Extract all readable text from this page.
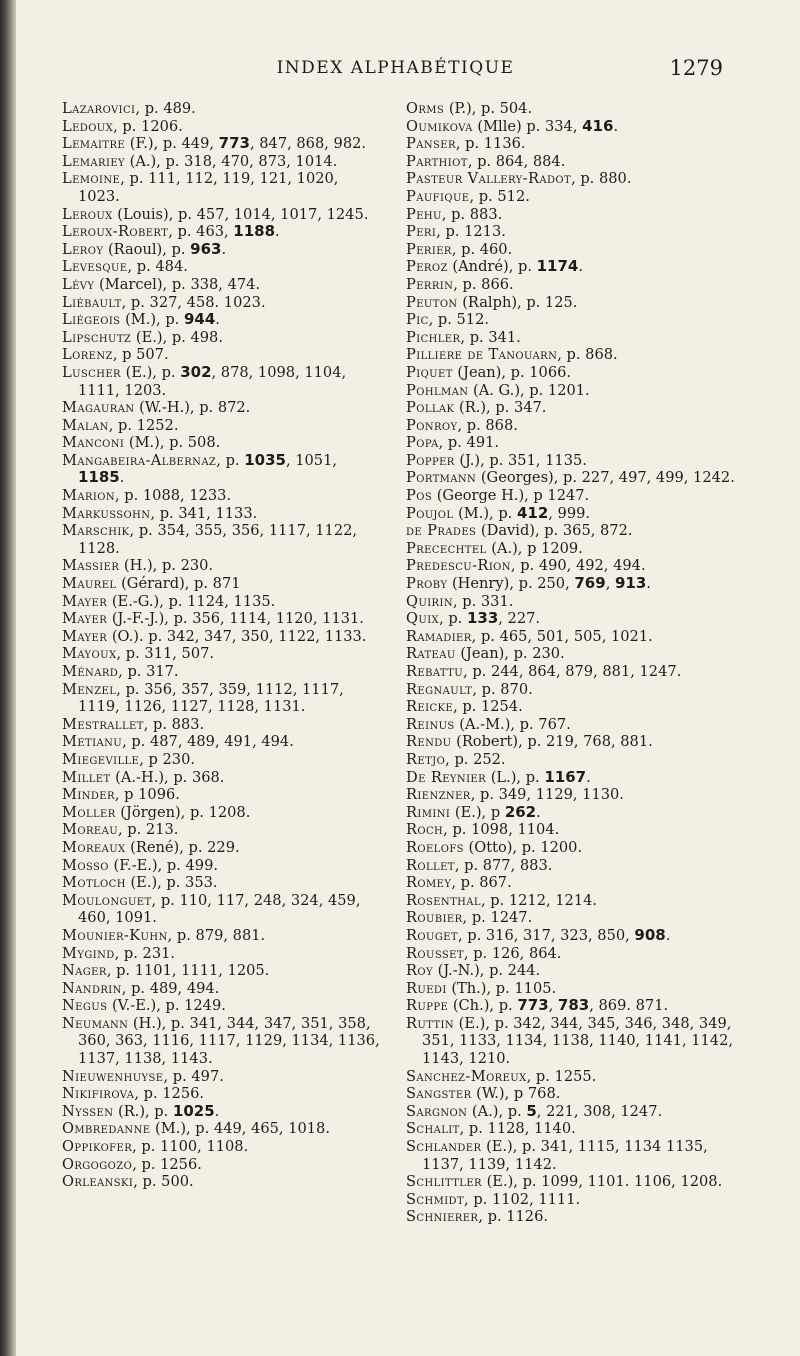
INDEX ALPHABÉTIQUE	1279
Lazarovici, p. 489.
Ledoux, p. 1206.
Lemaitre (F.), p. 449, 773, 847, 868, 982.
Lemariey (A.), p. 318, 470, 873, 1014.
Lemoine, p. 111, 112, 119, 121, 1020, 1023.
Leroux (Louis), p. 457, 1014, 1017, 1245.
Leroux-Robert, p. 463, 1188.
Leroy (Raoul), p. 963.
Levesque, p. 484.
Lévy (Marcel), p. 338, 474.
Liébault, p. 327, 458. 1023.
Liégeois (M.), p. 944.
Lipschutz (E.), p. 498.
Lorenz, p 507.
Luscher (E.), p. 302, 878, 1098, 1104, 1111, 1203.
Magauran (W.-H.), p. 872.
Malan, p. 1252.
Manconi (M.), p. 508.
Mangabeira-Albernaz, p. 1035, 1051, 1185.
Marion, p. 1088, 1233.
Markussohn, p. 341, 1133.
Marschik, p. 354, 355, 356, 1117, 1122, 1128.
Massier (H.), p. 230.
Maurel (Gérard), p. 871
Mayer (E.-G.), p. 1124, 1135.
Mayer (J.-F.-J.), p. 356, 1114, 1120, 1131.
Mayer (O.). p. 342, 347, 350, 1122, 1133.
Mayoux, p. 311, 507.
Ménard, p. 317.
Menzel, p. 356, 357, 359, 1112, 1117, 1119, 1126, 1127, 1128, 1131.
Mestrallet, p. 883.
Metianu, p. 487, 489, 491, 494.
Miegeville, p 230.
Millet (A.-H.), p. 368.
Minder, p 1096.
Moller (Jörgen), p. 1208.
Moreau, p. 213.
Moreaux (René), p. 229.
Mosso (F.-E.), p. 499.
Motloch (E.), p. 353.
Moulonguet, p. 110, 117, 248, 324, 459, 460, 1091.
Mounier-Kuhn, p. 879, 881.
Mygind, p. 231.
Nager, p. 1101, 1111, 1205.
Nandrin, p. 489, 494.
Negus (V.-E.), p. 1249.
Neumann (H.), p. 341, 344, 347, 351, 358, 360, 363, 1116, 1117, 1129, 1134, 1136, 1137, 1138, 1143.
Nieuwenhuyse, p. 497.
Nikifirova, p. 1256.
Nyssen (R.), p. 1025.
Ombredanne (M.), p. 449, 465, 1018.
Oppikofer, p. 1100, 1108.
Orgogozo, p. 1256.
Orleanski, p. 500.
Orms (P.), p. 504.
Oumikova (Mlle) p. 334, 416.
Panser, p. 1136.
Parthiot, p. 864, 884.
Pasteur Vallery-Radot, p. 880.
Paufique, p. 512.
Pehu, p. 883.
Peri, p. 1213.
Perier, p. 460.
Peroz (André), p. 1174.
Perrin, p. 866.
Peuton (Ralph), p. 125.
Pic, p. 512.
Pichler, p. 341.
Pilliere de Tanouarn, p. 868.
Piquet (Jean), p. 1066.
Pohlman (A. G.), p. 1201.
Pollak (R.), p. 347.
Ponroy, p. 868.
Popa, p. 491.
Popper (J.), p. 351, 1135.
Portmann (Georges), p. 227, 497, 499, 1242.
Pos (George H.), p 1247.
Poujol (M.), p. 412, 999.
de Prades (David), p. 365, 872.
Precechtel (A.), p 1209.
Predescu-Rion, p. 490, 492, 494.
Proby (Henry), p. 250, 769, 913.
Quirin, p. 331.
Quix, p. 133, 227.
Ramadier, p. 465, 501, 505, 1021.
Rateau (Jean), p. 230.
Rebattu, p. 244, 864, 879, 881, 1247.
Regnault, p. 870.
Reicke, p. 1254.
Reinus (A.-M.), p. 767.
Rendu (Robert), p. 219, 768, 881.
Retjo, p. 252.
De Reynier (L.), p. 1167.
Rienzner, p. 349, 1129, 1130.
Rimini (E.), p 262.
Roch, p. 1098, 1104.
Roelofs (Otto), p. 1200.
Rollet, p. 877, 883.
Romey, p. 867.
Rosenthal, p. 1212, 1214.
Roubier, p. 1247.
Rouget, p. 316, 317, 323, 850, 908.
Rousset, p. 126, 864.
Roy (J.-N.), p. 244.
Ruedi (Th.), p. 1105.
Ruppe (Ch.), p. 773, 783, 869. 871.
Ruttin (E.), p. 342, 344, 345, 346, 348, 349, 351, 1133, 1134, 1138, 1140, 1141, 1142, 1143, 1210.
Sanchez-Moreux, p. 1255.
Sangster (W.), p 768.
Sargnon (A.), p. 5, 221, 308, 1247.
Schalit, p. 1128, 1140.
Schlander (E.), p. 341, 1115, 1134 1135, 1137, 1139, 1142.
Schlittler (E.), p. 1099, 1101. 1106, 1208.
Schmidt, p. 1102, 1111.
Schnierer, p. 1126.
